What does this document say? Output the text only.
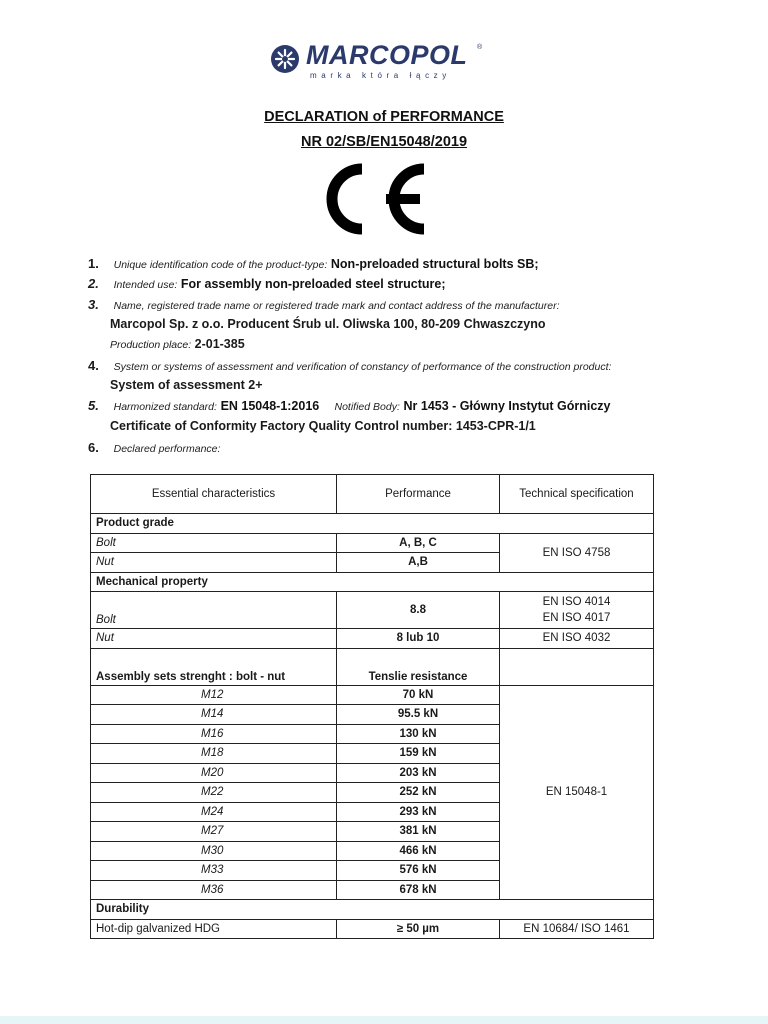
MARCOPOL ®
marka która łączy
DECLARATION of PERFORMANCE
NR 02/SB/EN15048/2019
1. Unique identification code of the product-type: Non-preloaded structural bolts SB;
2. Intended use: For assembly non-preloaded steel structure;
3. Name, registered trade name or registered trade mark and contact address of the manufacturer:
Marcopol Sp. z o.o. Producent Śrub ul. Oliwska 100, 80-209 Chwaszczyno
Production place: 2-01-385
4. System or systems of assessment and verification of constancy of performance of the construction product:
System of assessment 2+
5. Harmonized standard: EN 15048-1:2016 Notified Body: Nr 1453 - Główny Instytut Górniczy
Certificate of Conformity Factory Quality Control number: 1453-CPR-1/1
6. Declared performance:
Essential characteristics	Performance	Technical specification
Product grade		
Bolt	A, B, C	EN ISO 4758
Nut	A,B	
Mechanical property		
Bolt	8.8	EN ISO 4014
EN ISO 4017

Nut	8 lub 10	EN ISO 4032
Assembly sets strenght : bolt - nut	Tenslie resistance	
M12	70 kN	EN 15048-1
M14	95.5 kN	
M16	130 kN	
M18	159 kN	
M20	203 kN	
M22	252 kN	
M24	293 kN	
M27	381 kN	
M30	466 kN	
M33	576 kN	
M36	678 kN	
Durability		
Hot-dip galvanized HDG	≥ 50 µm	EN 10684/ ISO 1461
